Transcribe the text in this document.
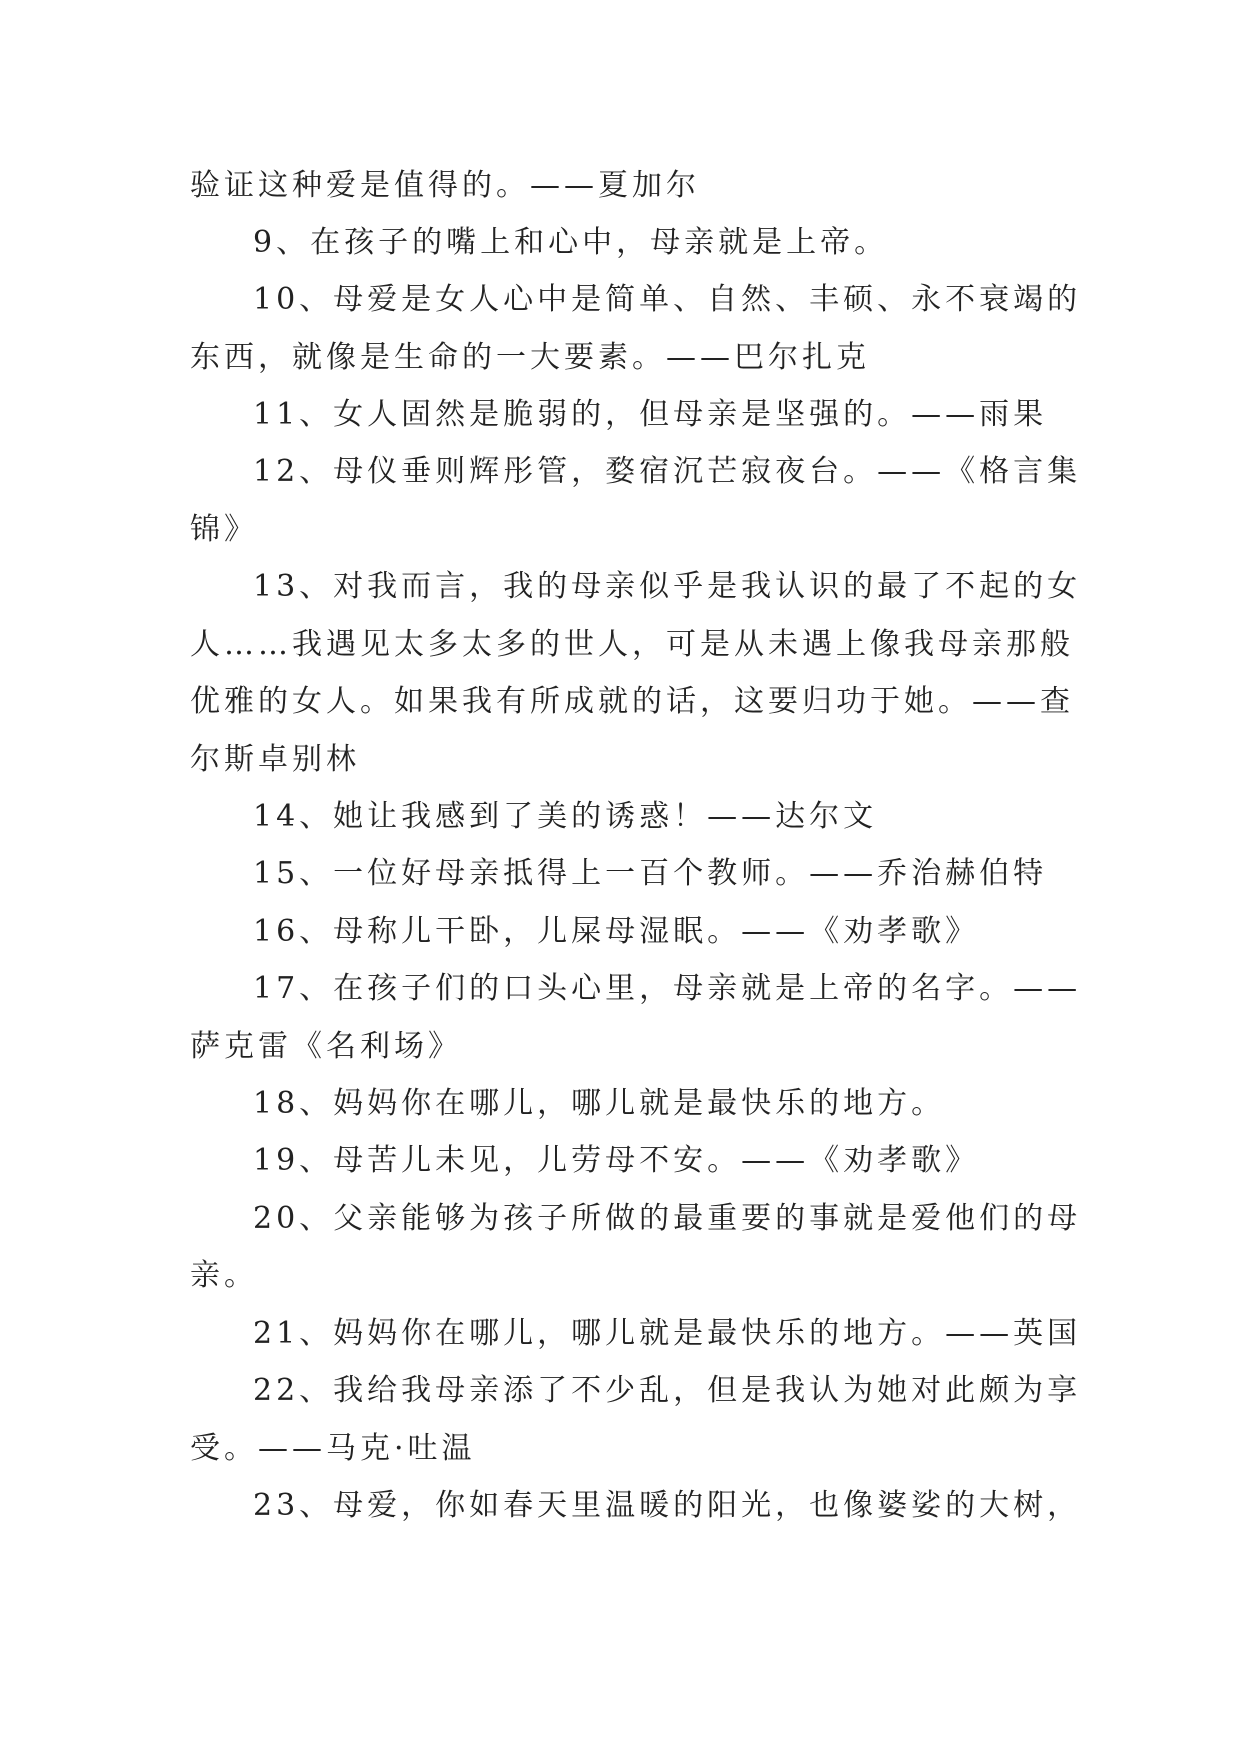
验证这种爱是值得的。——夏加尔
9、在孩子的嘴上和心中，母亲就是上帝。
10、母爱是女人心中是简单、自然、丰硕、永不衰竭的
东西，就像是生命的一大要素。——巴尔扎克
11、女人固然是脆弱的，但母亲是坚强的。——雨果
12、母仪垂则辉彤管，婺宿沉芒寂夜台。——《格言集
锦》
13、对我而言，我的母亲似乎是我认识的最了不起的女
人……我遇见太多太多的世人，可是从未遇上像我母亲那般
优雅的女人。如果我有所成就的话，这要归功于她。——查
尔斯卓别林
14、她让我感到了美的诱惑！——达尔文
15、一位好母亲抵得上一百个教师。——乔治赫伯特
16、母称儿干卧，儿屎母湿眠。——《劝孝歌》
17、在孩子们的口头心里，母亲就是上帝的名字。——
萨克雷《名利场》
18、妈妈你在哪儿，哪儿就是最快乐的地方。
19、母苦儿未见，儿劳母不安。——《劝孝歌》
20、父亲能够为孩子所做的最重要的事就是爱他们的母
亲。
21、妈妈你在哪儿，哪儿就是最快乐的地方。——英国
22、我给我母亲添了不少乱，但是我认为她对此颇为享
受。——马克·吐温
23、母爱，你如春天里温暖的阳光，也像婆娑的大树，
